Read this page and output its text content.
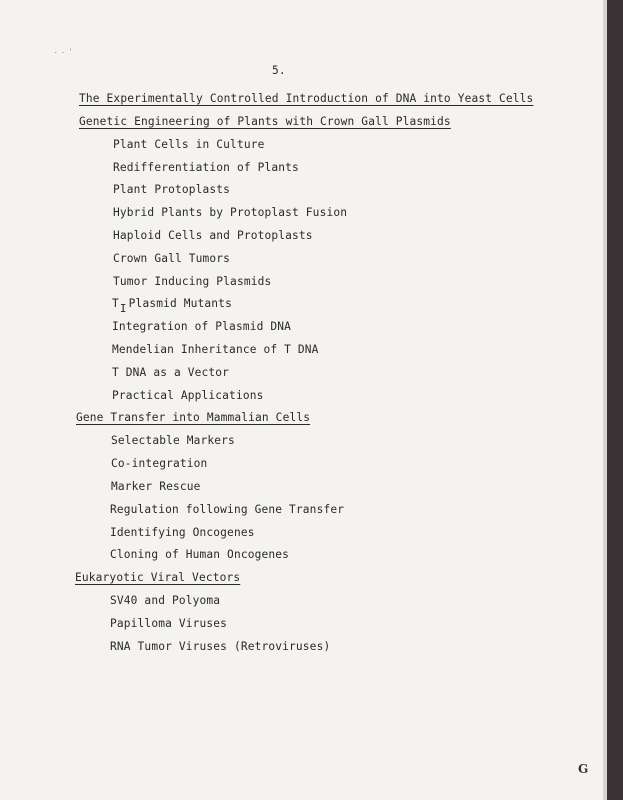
. . '
5.
The Experimentally Controlled Introduction of DNA into Yeast Cells
Genetic Engineering of Plants with Crown Gall Plasmids
Plant Cells in Culture
Redifferentiation of Plants
Plant Protoplasts
Hybrid Plants by Protoplast Fusion
Haploid Cells and Protoplasts
Crown Gall Tumors
Tumor Inducing Plasmids
TI Plasmid Mutants
Integration of Plasmid DNA
Mendelian Inheritance of T DNA
T DNA as a Vector
Practical Applications
Gene Transfer into Mammalian Cells
Selectable Markers
Co-integration
Marker Rescue
Regulation following Gene Transfer
Identifying Oncogenes
Cloning of Human Oncogenes
Eukaryotic Viral Vectors
SV40 and Polyoma
Papilloma Viruses
RNA Tumor Viruses (Retroviruses)
G
